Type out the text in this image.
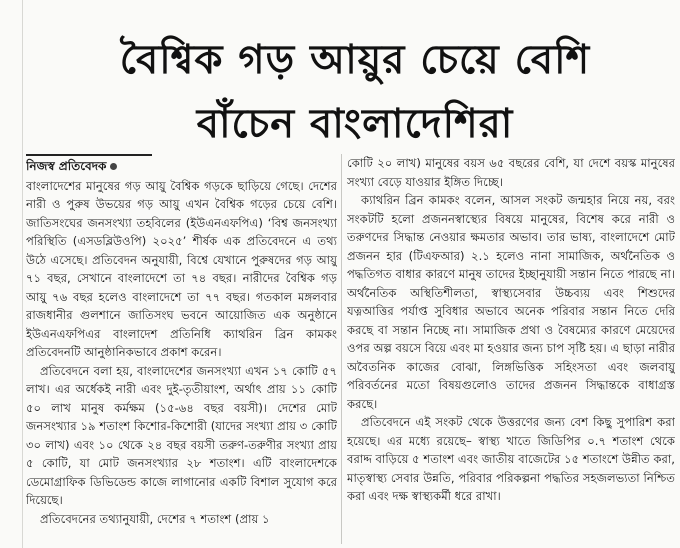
বৈশ্বিক গড় আয়ুর চেয়ে বেশি
বাঁচেন বাংলাদেশিরা
নিজস্ব প্রতিবেদক
বাংলাদেশের মানুষের গড় আয়ু বৈশ্বিক গড়কে ছাড়িয়ে গেছে। দেশের নারী ও পুরুষ উভয়ের গড় আয়ু এখন বৈশ্বিক গড়ের চেয়ে বেশি। জাতিসংঘের জনসংখ্যা তহবিলের (ইউএনএফপিএ) ‘বিশ্ব জনসংখ্যা পরিস্থিতি (এসডব্লিউওপি) ২০২৫’ শীর্ষক এক প্রতিবেদনে এ তথ্য উঠে এসেছে। প্রতিবেদন অনুযায়ী, বিশ্বে যেখানে পুরুষদের গড় আয়ু ৭১ বছর, সেখানে বাংলাদেশে তা ৭৪ বছর। নারীদের বৈশ্বিক গড় আয়ু ৭৬ বছর হলেও বাংলাদেশে তা ৭৭ বছর। গতকাল মঙ্গলবার রাজধানীর গুলশানে জাতিসংঘ ভবনে আয়োজিত এক অনুষ্ঠানে ইউএনএফপিএর বাংলাদেশ প্রতিনিধি ক্যাথরিন ব্রিন কামকং প্রতিবেদনটি আনুষ্ঠানিকভাবে প্রকাশ করেন।
প্রতিবেদনে বলা হয়, বাংলাদেশের জনসংখ্যা এখন ১৭ কোটি ৫৭ লাখ। এর অর্ধেকই নারী এবং দুই-তৃতীয়াংশ, অর্থাৎ প্রায় ১১ কোটি ৫০ লাখ মানুষ কর্মক্ষম (১৫-৬৪ বছর বয়সী)। দেশের মোট জনসংখ্যার ১৯ শতাংশ কিশোর-কিশোরী (যাদের সংখ্যা প্রায় ৩ কোটি ৩০ লাখ) এবং ১০ থেকে ২৪ বছর বয়সী তরুণ-তরুণীর সংখ্যা প্রায় ৫ কোটি, যা মোট জনসংখ্যার ২৮ শতাংশ। এটি বাংলাদেশকে ডেমোগ্রাফিক ডিভিডেন্ড কাজে লাগানোর একটি বিশাল সুযোগ করে দিয়েছে।
প্রতিবেদনের তথ্যানুযায়ী, দেশের ৭ শতাংশ (প্রায় ১
কোটি ২০ লাখ) মানুষের বয়স ৬৫ বছরের বেশি, যা দেশে বয়স্ক মানুষের সংখ্যা বেড়ে যাওয়ার ইঙ্গিত দিচ্ছে।
ক্যাথরিন ব্রিন কামকং বলেন, আসল সংকট জন্মহার নিয়ে নয়, বরং সংকটটি হলো প্রজননস্বাস্থ্যের বিষয়ে মানুষের, বিশেষ করে নারী ও তরুণদের সিদ্ধান্ত নেওয়ার ক্ষমতার অভাব। তার ভাষ্য, বাংলাদেশে মোট প্রজনন হার (টিএফআর) ২.১ হলেও নানা সামাজিক, অর্থনৈতিক ও পদ্ধতিগত বাধার কারণে মানুষ তাদের ইচ্ছানুযায়ী সন্তান নিতে পারছে না। অর্থনৈতিক অস্থিতিশীলতা, স্বাস্থ্যসেবার উচ্চব্যয় এবং শিশুদের যত্নআত্তির পর্যাপ্ত সুবিধার অভাবে অনেক পরিবার সন্তান নিতে দেরি করছে বা সন্তান নিচ্ছে না। সামাজিক প্রথা ও বৈষম্যের কারণে মেয়েদের ওপর অল্প বয়সে বিয়ে এবং মা হওয়ার জন্য চাপ সৃষ্টি হয়। এ ছাড়া নারীর অবৈতনিক কাজের বোঝা, লিঙ্গভিত্তিক সহিংসতা এবং জলবায়ু পরিবর্তনের মতো বিষয়গুলোও তাদের প্রজনন সিদ্ধান্তকে বাধাগ্রস্ত করছে।
প্রতিবেদনে এই সংকট থেকে উত্তরণের জন্য বেশ কিছু সুপারিশ করা হয়েছে। এর মধ্যে রয়েছে– স্বাস্থ্য খাতে জিডিপির ০.৭ শতাংশ থেকে বরাদ্দ বাড়িয়ে ৫ শতাংশ এবং জাতীয় বাজেটের ১৫ শতাংশে উন্নীত করা, মাতৃস্বাস্থ্য সেবার উন্নতি, পরিবার পরিকল্পনা পদ্ধতির সহজলভ্যতা নিশ্চিত করা এবং দক্ষ স্বাস্থ্যকর্মী ধরে রাখা।
